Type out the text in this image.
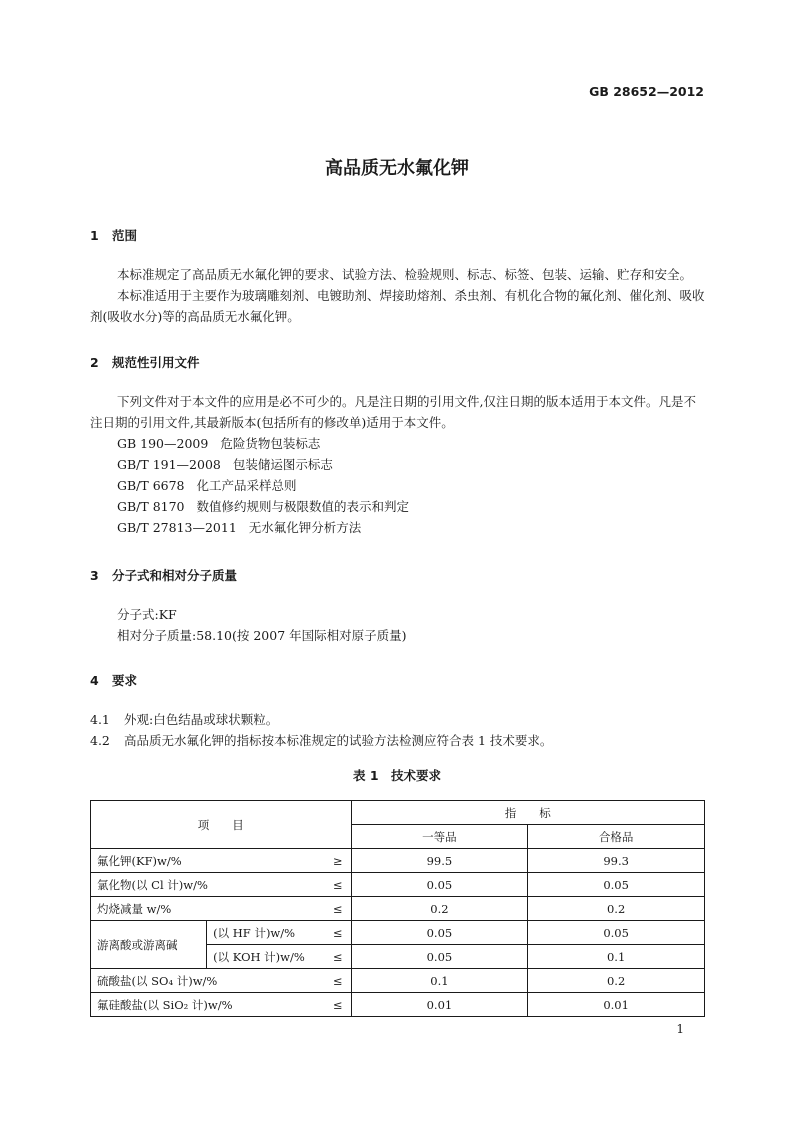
GB 28652—2012
高品质无水氟化钾
1 范围

本标准规定了高品质无水氟化钾的要求、试验方法、检验规则、标志、标签、包装、运输、贮存和安全。

本标准适用于主要作为玻璃雕刻剂、电镀助剂、焊接助熔剂、杀虫剂、有机化合物的氟化剂、催化剂、吸收剂(吸收水分)等的高品质无水氟化钾。

2 规范性引用文件

下列文件对于本文件的应用是必不可少的。凡是注日期的引用文件,仅注日期的版本适用于本文件。凡是不注日期的引用文件,其最新版本(包括所有的修改单)适用于本文件。

GB 190—2009 危险货物包装标志

GB/T 191—2008 包装储运图示标志

GB/T 6678 化工产品采样总则

GB/T 8170 数值修约规则与极限数值的表示和判定

GB/T 27813—2011 无水氟化钾分析方法

3 分子式和相对分子质量

分子式:KF

相对分子质量:58.10(按 2007 年国际相对原子质量)

4 要求

4.1 外观:白色结晶或球状颗粒。

4.2 高品质无水氟化钾的指标按本标准规定的试验方法检测应符合表 1 技术要求。

表 1　技术要求
项　　目			指　　标	
			一等品	合格品
氟化钾(KF)w/%		≥	99.5	99.3
氯化物(以 Cl 计)w/%		≤	0.05	0.05
灼烧减量 w/%		≤	0.2	0.2
游离酸或游离碱	(以 HF 计)w/%	≤	0.05	0.05
	(以 KOH 计)w/%	≤	0.05	0.1
硫酸盐(以 SO₄ 计)w/%		≤	0.1	0.2
氟硅酸盐(以 SiO₂ 计)w/%		≤	0.01	0.01
1
